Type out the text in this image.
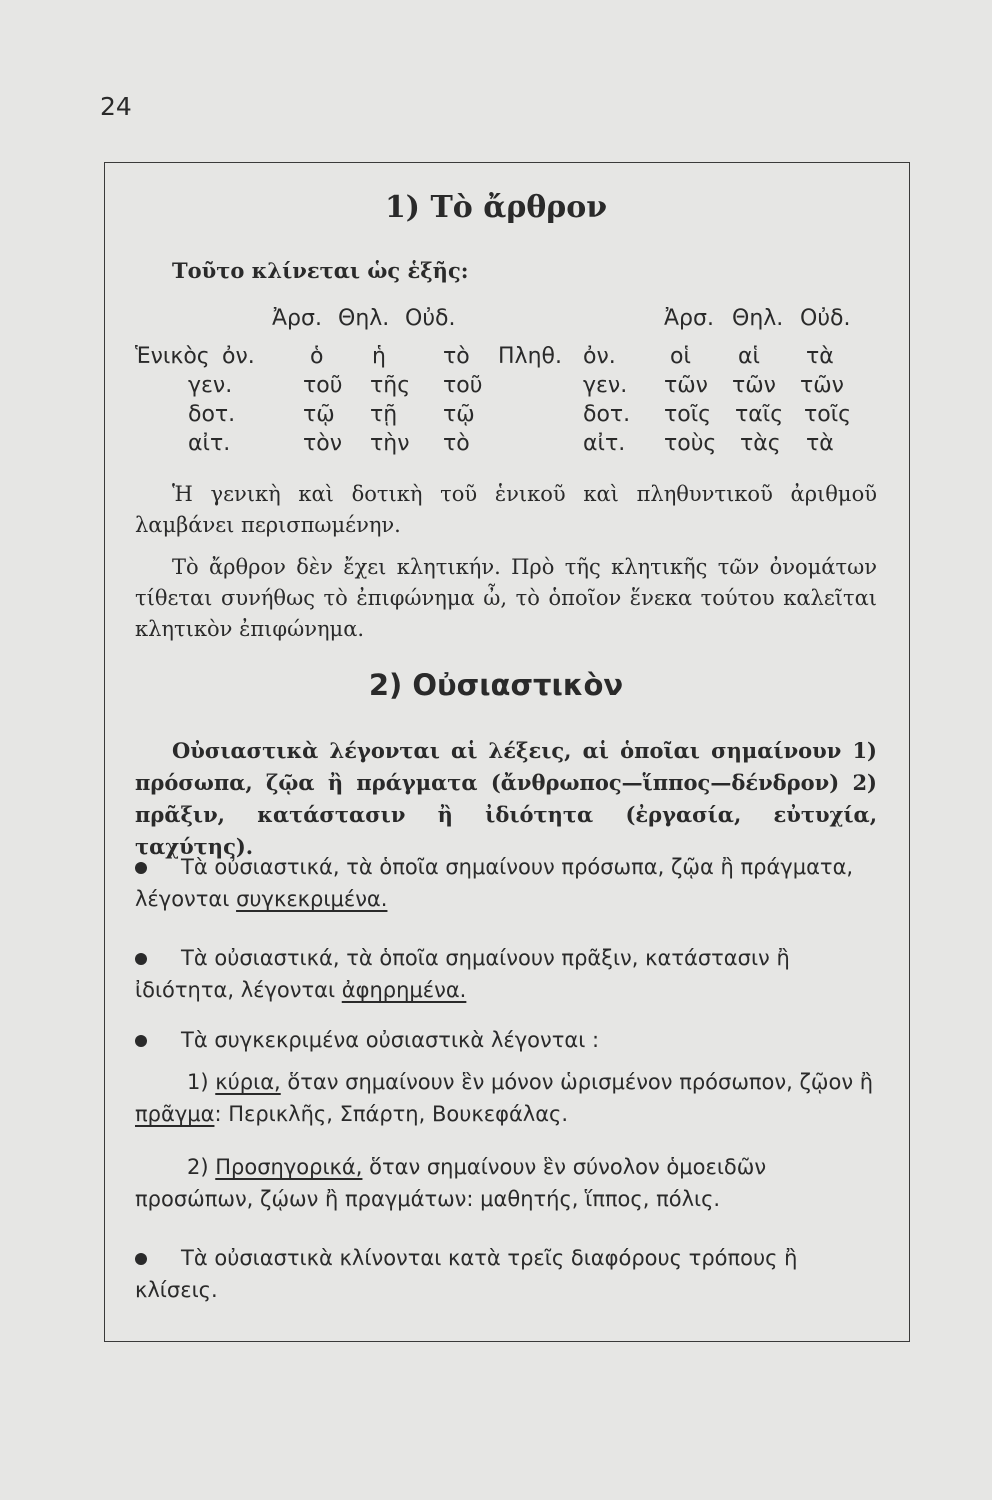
24
1) Τὸ ἄρθρον
Τοῦτο κλίνεται ὡς ἑξῆς:
Ἀρσ. Θηλ. Οὐδ.	Ἀρσ. Θηλ. Οὐδ.
Ἑνικὸς ὀν.
γεν.
δοτ.
αἰτ.
Πληθ. ὀν.
γεν.
δοτ.
αἰτ.
ὁ ἡ	τὸ
τοῦ τῆς τοῦ
τῷ τῇ τῷ
τὸν τὴν τὸ
οἱ αἱ τὰ
τῶν τῶν τῶν
τοῖς ταῖς τοῖς
τοὺς τὰς τὰ
Ἡ γενικὴ καὶ δοτικὴ τοῦ ἑνικοῦ καὶ πληθυντικοῦ ἀριθμοῦ λαμβάνει περισπωμένην.
Τὸ ἄρθρον δὲν ἔχει κλητικήν. Πρὸ τῆς κλητικῆς τῶν ὀνομάτων τίθεται συνήθως τὸ ἐπιφώνημα ὦ, τὸ ὁποῖον ἕνεκα τούτου καλεῖται κλητικὸν ἐπιφώνημα.
2) Οὐσιαστικὸν
Οὐσιαστικὰ λέγονται αἱ λέξεις, αἱ ὁποῖαι σημαίνουν 1) πρόσωπα, ζῷα ἢ πράγματα (ἄνθρωπος—ἵππος—δένδρον) 2) πρᾶξιν, κατάστασιν ἢ ἰδιότητα (ἐργασία, εὐτυχία, ταχύτης).
Τὰ οὐσιαστικά, τὰ ὁποῖα σημαίνουν πρόσωπα, ζῷα ἢ πράγματα, λέγονται συγκεκριμένα.
Τὰ οὐσιαστικά, τὰ ὁποῖα σημαίνουν πρᾶξιν, κατάστασιν ἢ ἰδιότητα, λέγονται ἀφηρημένα.
Τὰ συγκεκριμένα οὐσιαστικὰ λέγονται :
1) κύρια, ὅταν σημαίνουν ἓν μόνον ὡρισμένον πρόσωπον, ζῷον ἢ πρᾶγμα: Περικλῆς, Σπάρτη, Βουκεφάλας.
2) Προσηγορικά, ὅταν σημαίνουν ἓν σύνολον ὁμοειδῶν προσώπων, ζῴων ἢ πραγμάτων: μαθητής, ἵππος, πόλις.
Τὰ οὐσιαστικὰ κλίνονται κατὰ τρεῖς διαφόρους τρόπους ἢ κλίσεις.
